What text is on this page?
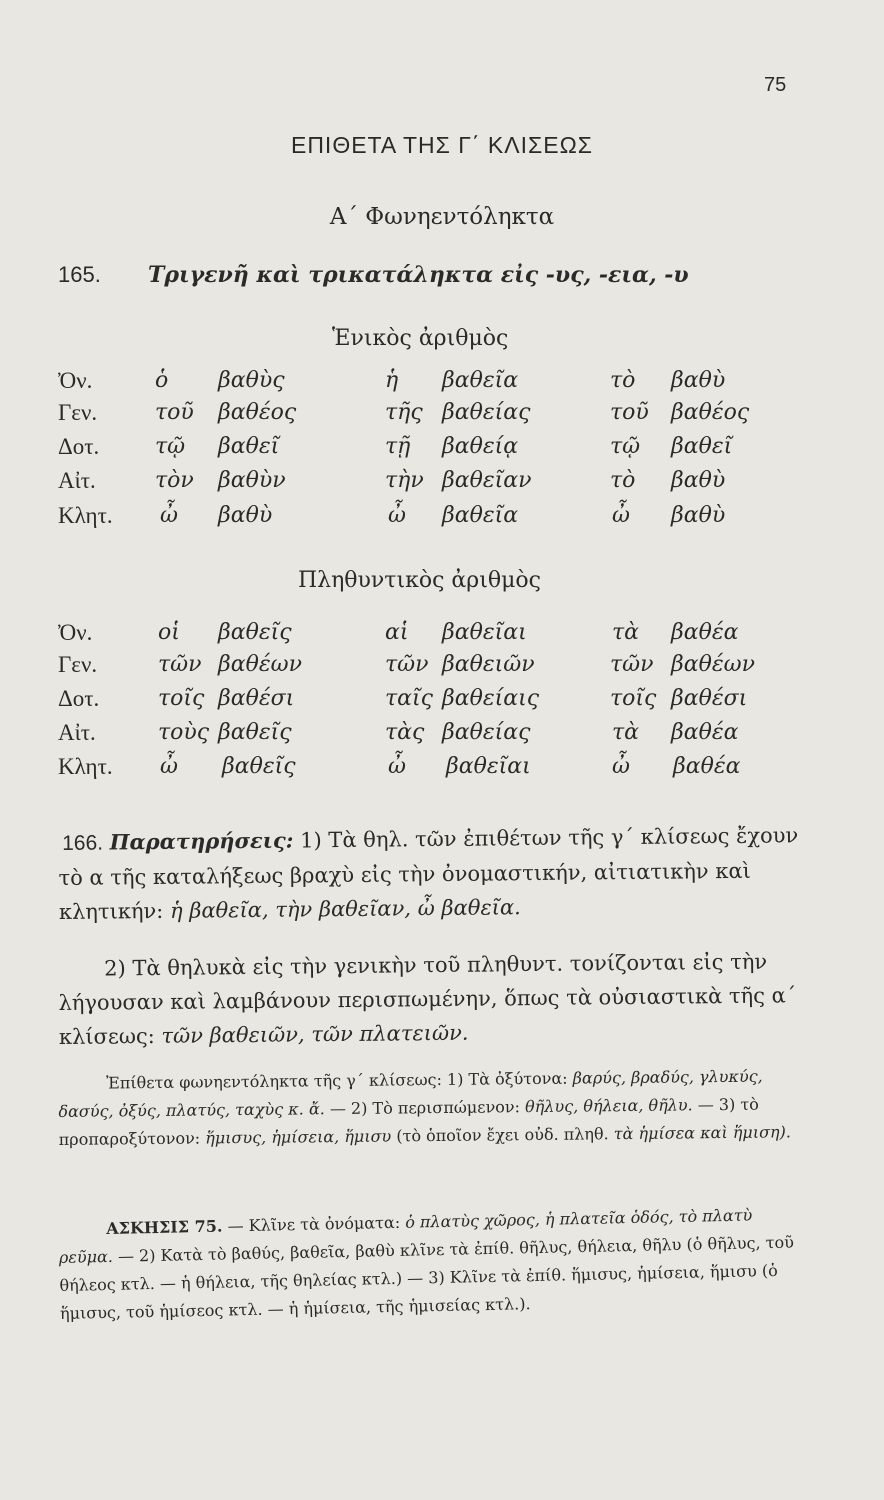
75
ΕΠΙΘΕΤΑ ΤΗΣ Γ΄ ΚΛΙΣΕΩΣ
Α΄ Φωνηεντόληκτα
165. Τριγενῆ καὶ τρικατάληκτα εἰς -υς, -εια, -υ
Ἑνικὸς ἀριθμὸς
Ὀν.	ὁ βαθὺς	ἡ βαθεῖα	τὸ βαθὺ
Γεν.	τοῦ βαθέος	τῆς βαθείας	τοῦ βαθέος
Δοτ.	τῷ βαθεῖ	τῇ βαθείᾳ	τῷ βαθεῖ
Αἰτ.	τὸν βαθὺν	τὴν βαθεῖαν	τὸ βαθὺ
Κλητ. ὦ βαθὺ	ὦ βαθεῖα	ὦ βαθὺ
Πληθυντικὸς ἀριθμὸς
Ὀν.	οἱ βαθεῖς	αἱ βαθεῖαι	τὰ βαθέα
Γεν.	τῶν βαθέων	τῶν βαθειῶν	τῶν βαθέων
Δοτ.	τοῖς βαθέσι	ταῖς βαθείαις	τοῖς βαθέσι
Αἰτ.	τοὺς βαθεῖς	τὰς βαθείας	τὰ βαθέα
Κλητ. ὦ βαθεῖς	ὦ βαθεῖαι	ὦ βαθέα
166. Παρατηρήσεις: 1) Τὰ θηλ. τῶν ἐπιθέτων τῆς γ΄ κλίσεως ἔχουν τὸ α τῆς καταλήξεως βραχὺ εἰς τὴν ὀνομαστικήν, αἰτιατικὴν καὶ κλητικήν: ἡ βαθεῖα, τὴν βαθεῖαν, ὦ βαθεῖα.
2) Τὰ θηλυκὰ εἰς τὴν γενικὴν τοῦ πληθυντ. τονίζονται εἰς τὴν λήγουσαν καὶ λαμβάνουν περισπωμένην, ὅπως τὰ οὐσιαστικὰ τῆς α΄ κλίσεως: τῶν βαθειῶν, τῶν πλατειῶν.
Ἐπίθετα φωνηεντόληκτα τῆς γ΄ κλίσεως: 1) Τὰ ὀξύτονα: βαρύς, βραδύς, γλυκύς, δασύς, ὀξύς, πλατύς, ταχὺς κ. ἄ. — 2) Τὸ περισπώμενον: θῆλυς, θήλεια, θῆλυ. — 3) τὸ προπαροξύτονον: ἥμισυς, ἡμίσεια, ἥμισυ (τὸ ὁποῖον ἔχει οὐδ. πληθ. τὰ ἡμίσεα καὶ ἥμιση).
ΑΣΚΗΣΙΣ 75. — Κλῖνε τὰ ὀνόματα: ὁ πλατὺς χῶρος, ἡ πλατεῖα ὁδός, τὸ πλατὺ ρεῦμα. — 2) Κατὰ τὸ βαθύς, βαθεῖα, βαθὺ κλῖνε τὰ ἐπίθ. θῆλυς, θήλεια, θῆλυ (ὁ θῆλυς, τοῦ θήλεος κτλ. — ἡ θήλεια, τῆς θηλείας κτλ.) — 3) Κλῖνε τὰ ἐπίθ. ἥμισυς, ἡμίσεια, ἥμισυ (ὁ ἥμισυς, τοῦ ἡμίσεος κτλ. — ἡ ἡμίσεια, τῆς ἡμισείας κτλ.).
